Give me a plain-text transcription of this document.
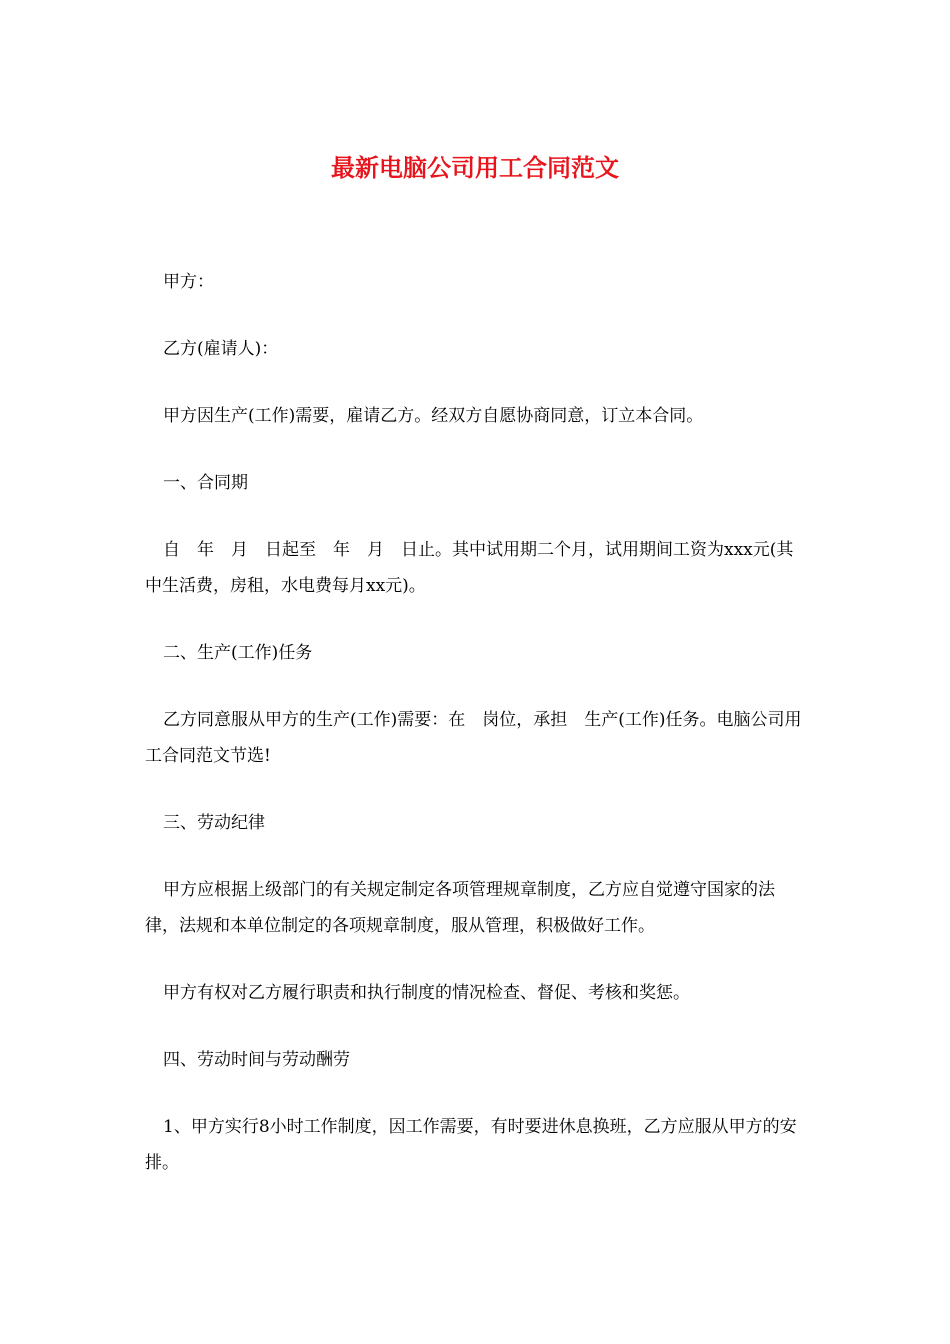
最新电脑公司用工合同范文

甲方：

乙方(雇请人)：

甲方因生产(工作)需要，雇请乙方。经双方自愿协商同意，订立本合同。

一、合同期

自　年　月　日起至　年　月　日止。其中试用期二个月，试用期间工资为xxx元(其中生活费，房租，水电费每月xx元)。

二、生产(工作)任务

乙方同意服从甲方的生产(工作)需要：在　岗位，承担　生产(工作)任务。电脑公司用工合同范文节选!

三、劳动纪律

甲方应根据上级部门的有关规定制定各项管理规章制度，乙方应自觉遵守国家的法律，法规和本单位制定的各项规章制度，服从管理，积极做好工作。

甲方有权对乙方履行职责和执行制度的情况检查、督促、考核和奖惩。

四、劳动时间与劳动酬劳

1、甲方实行8小时工作制度，因工作需要，有时要进休息换班，乙方应服从甲方的安排。
